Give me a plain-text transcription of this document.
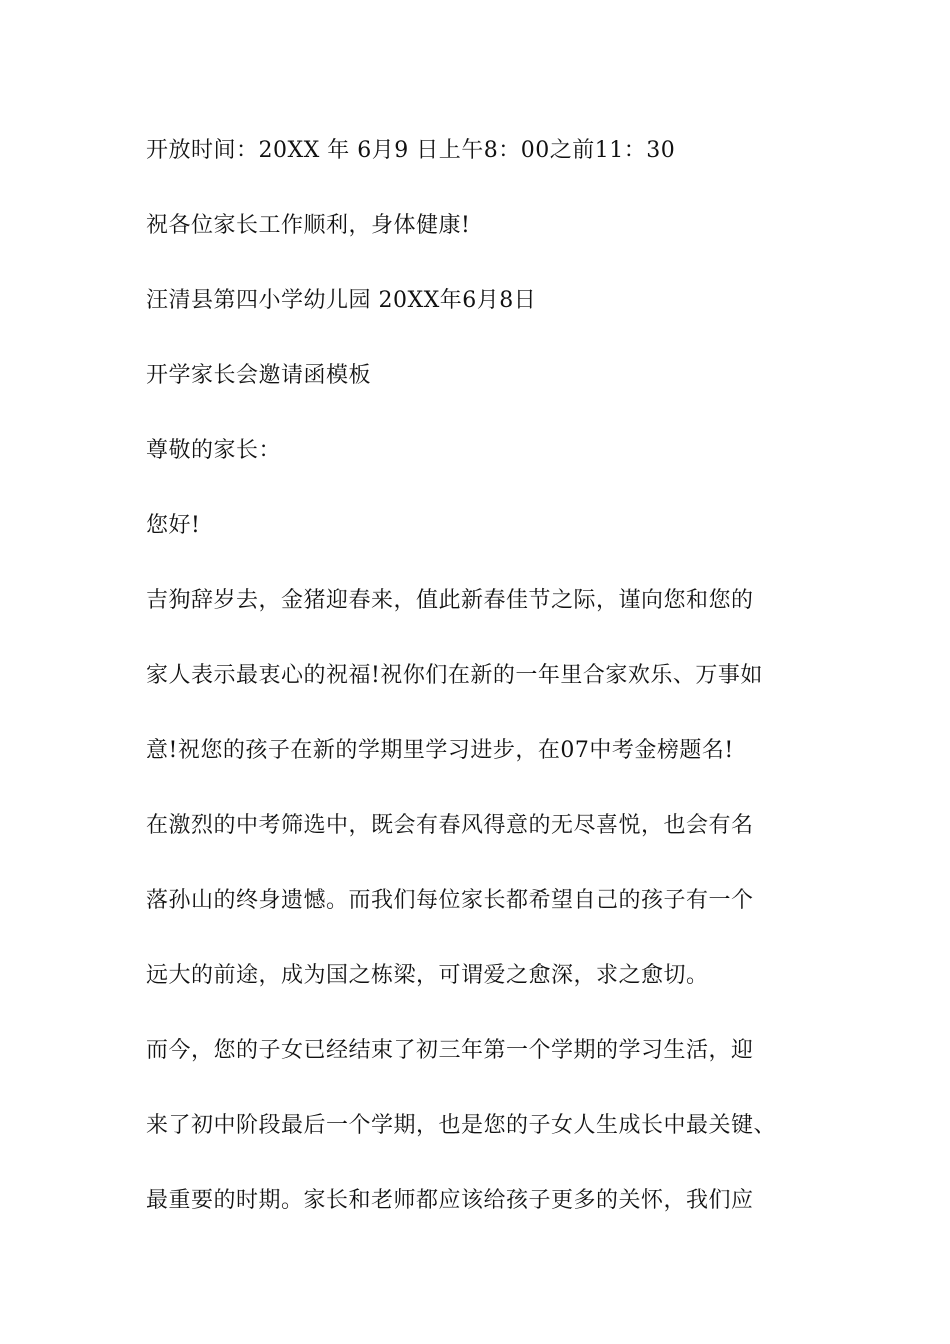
开放时间：20XX 年 6月9 日上午8：00之前11：30
祝各位家长工作顺利，身体健康!
汪清县第四小学幼儿园 20XX年6月8日
开学家长会邀请函模板
尊敬的家长：
您好!
吉狗辞岁去，金猪迎春来，值此新春佳节之际，谨向您和您的
家人表示最衷心的祝福!祝你们在新的一年里合家欢乐、万事如
意!祝您的孩子在新的学期里学习进步，在07中考金榜题名!
在激烈的中考筛选中，既会有春风得意的无尽喜悦，也会有名
落孙山的终身遗憾。而我们每位家长都希望自己的孩子有一个
远大的前途，成为国之栋梁，可谓爱之愈深，求之愈切。
而今，您的子女已经结束了初三年第一个学期的学习生活，迎
来了初中阶段最后一个学期，也是您的子女人生成长中最关键、
最重要的时期。家长和老师都应该给孩子更多的关怀，我们应
